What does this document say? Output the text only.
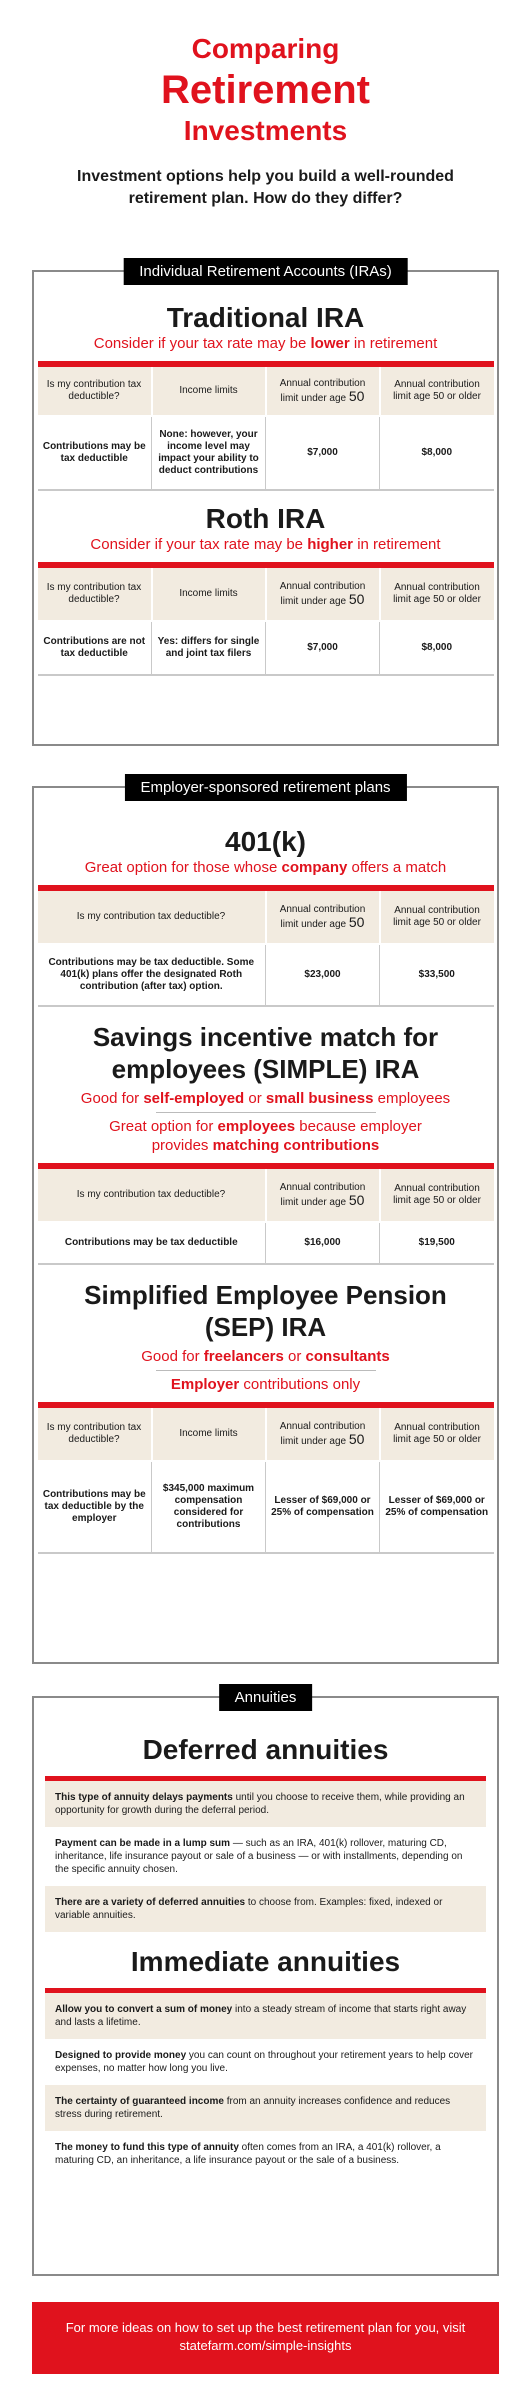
Comparing
Retirement
Investments
Investment options help you build a well-rounded retirement plan. How do they differ?
Individual Retirement Accounts (IRAs)
Traditional IRA
Consider if your tax rate may be lower in retirement
Is my contribution tax deductible?	Income limits	Annual contribution limit under age 50	Annual contribution limit age 50 or older
Contributions may be tax deductible	None: however, your income level may impact your ability to deduct contributions	$7,000	$8,000
Roth IRA
Consider if your tax rate may be higher in retirement
Is my contribution tax deductible?	Income limits	Annual contribution limit under age 50	Annual contribution limit age 50 or older
Contributions are not tax deductible	Yes: differs for single and joint tax filers	$7,000	$8,000
Employer-sponsored retirement plans
401(k)
Great option for those whose company offers a match
Is my contribution tax deductible?	Annual contribution limit under age 50	Annual contribution limit age 50 or older
Contributions may be tax deductible. Some 401(k) plans offer the designated Roth contribution (after tax) option.	$23,000	$33,500
Savings incentive match for employees (SIMPLE) IRA
Good for self-employed or small business employees
Great option for employees because employer provides matching contributions
Is my contribution tax deductible?	Annual contribution limit under age 50	Annual contribution limit age 50 or older
Contributions may be tax deductible	$16,000	$19,500
Simplified Employee Pension (SEP) IRA
Good for freelancers or consultants
Employer contributions only
Is my contribution tax deductible?	Income limits	Annual contribution limit under age 50	Annual contribution limit age 50 or older
Contributions may be tax deductible by the employer	$345,000 maximum compensation considered for contributions	Lesser of $69,000 or 25% of compensation	Lesser of $69,000 or 25% of compensation
Annuities
Deferred annuities
This type of annuity delays payments until you choose to receive them, while providing an opportunity for growth during the deferral period.
Payment can be made in a lump sum — such as an IRA, 401(k) rollover, maturing CD, inheritance, life insurance payout or sale of a business — or with installments, depending on the specific annuity chosen.
There are a variety of deferred annuities to choose from. Examples: fixed, indexed or variable annuities.
Immediate annuities
Allow you to convert a sum of money into a steady stream of income that starts right away and lasts a lifetime.
Designed to provide money you can count on throughout your retirement years to help cover expenses, no matter how long you live.
The certainty of guaranteed income from an annuity increases confidence and reduces stress during retirement.
The money to fund this type of annuity often comes from an IRA, a 401(k) rollover, a maturing CD, an inheritance, a life insurance payout or the sale of a business.
For more ideas on how to set up the best retirement plan for you, visit
statefarm.com/simple-insights
